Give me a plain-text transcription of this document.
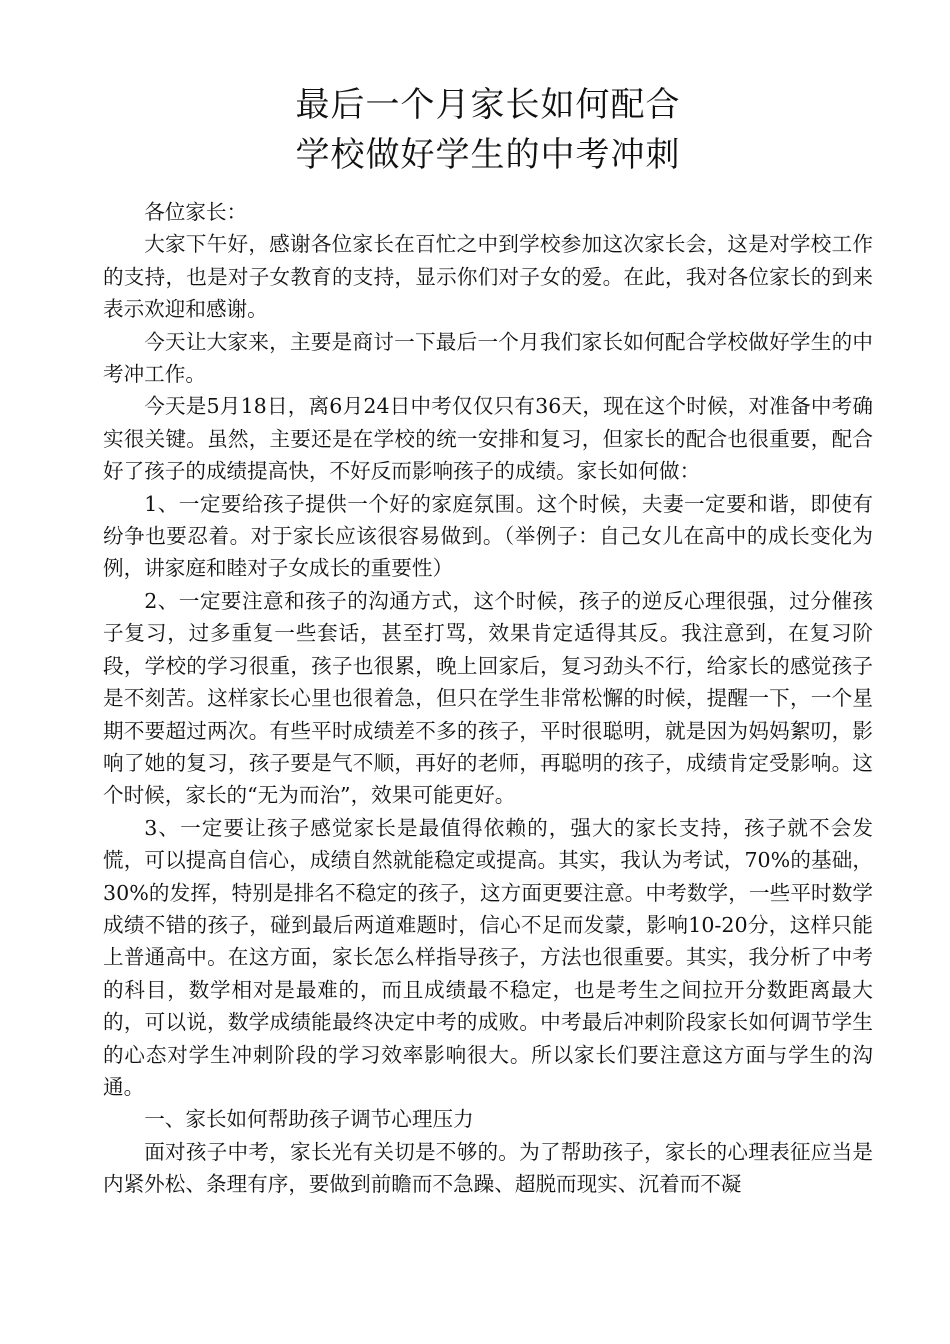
最后一个月家长如何配合
学校做好学生的中考冲刺

各位家长：

大家下午好，感谢各位家长在百忙之中到学校参加这次家长会，这是对学校工作的支持，也是对子女教育的支持，显示你们对子女的爱。在此，我对各位家长的到来表示欢迎和感谢。

今天让大家来，主要是商讨一下最后一个月我们家长如何配合学校做好学生的中考冲工作。

今天是5月18日，离6月24日中考仅仅只有36天，现在这个时候，对准备中考确实很关键。虽然，主要还是在学校的统一安排和复习，但家长的配合也很重要，配合好了孩子的成绩提高快，不好反而影响孩子的成绩。家长如何做：

1、一定要给孩子提供一个好的家庭氛围。这个时候，夫妻一定要和谐，即使有纷争也要忍着。对于家长应该很容易做到。（举例子：自己女儿在高中的成长变化为例，讲家庭和睦对子女成长的重要性）

2、一定要注意和孩子的沟通方式，这个时候，孩子的逆反心理很强，过分催孩子复习，过多重复一些套话，甚至打骂，效果肯定适得其反。我注意到，在复习阶段，学校的学习很重，孩子也很累，晚上回家后，复习劲头不行，给家长的感觉孩子是不刻苦。这样家长心里也很着急，但只在学生非常松懈的时候，提醒一下，一个星期不要超过两次。有些平时成绩差不多的孩子，平时很聪明，就是因为妈妈絮叨，影响了她的复习，孩子要是气不顺，再好的老师，再聪明的孩子，成绩肯定受影响。这个时候，家长的“无为而治”，效果可能更好。

3、一定要让孩子感觉家长是最值得依赖的，强大的家长支持，孩子就不会发慌，可以提高自信心，成绩自然就能稳定或提高。其实，我认为考试，70%的基础，30%的发挥，特别是排名不稳定的孩子，这方面更要注意。中考数学，一些平时数学成绩不错的孩子，碰到最后两道难题时，信心不足而发蒙，影响10-20分，这样只能上普通高中。在这方面，家长怎么样指导孩子，方法也很重要。其实，我分析了中考的科目，数学相对是最难的，而且成绩最不稳定，也是考生之间拉开分数距离最大的，可以说，数学成绩能最终决定中考的成败。中考最后冲刺阶段家长如何调节学生的心态对学生冲刺阶段的学习效率影响很大。所以家长们要注意这方面与学生的沟通。

一、家长如何帮助孩子调节心理压力

面对孩子中考，家长光有关切是不够的。为了帮助孩子，家长的心理表征应当是内紧外松、条理有序，要做到前瞻而不急躁、超脱而现实、沉着而不凝
